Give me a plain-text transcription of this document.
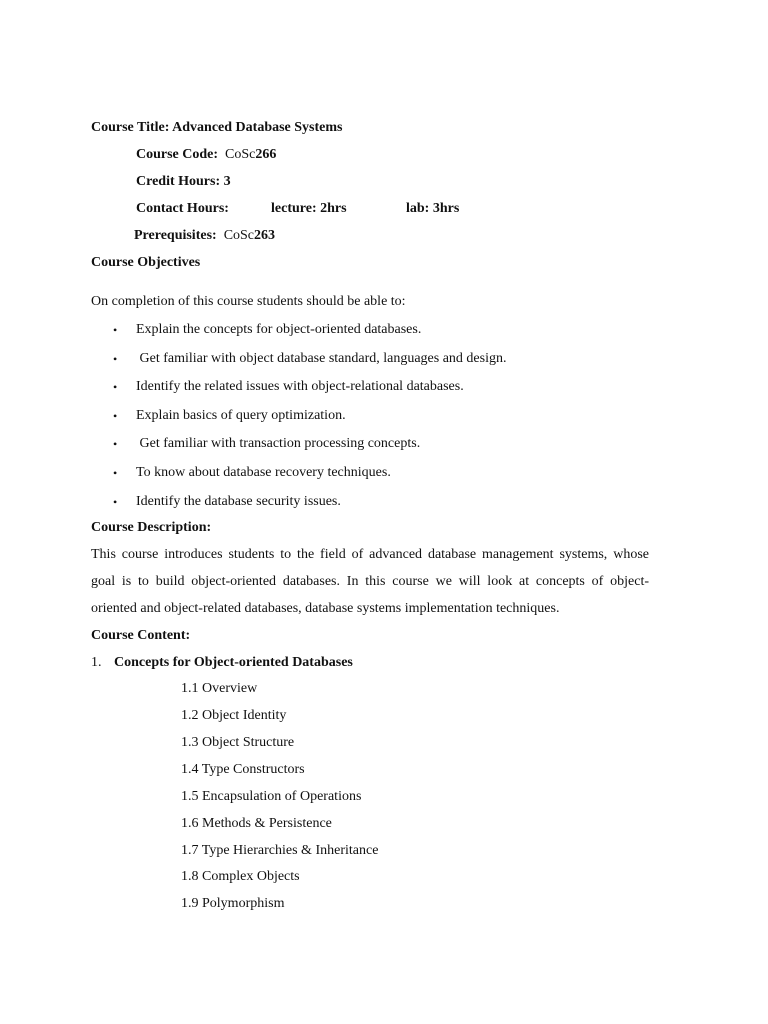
Course Title: Advanced Database Systems
Course Code: CoSc266
Credit Hours: 3
Contact Hours:	lecture: 2hrs	lab: 3hrs
Prerequisites: CoSc263
Course Objectives
On completion of this course students should be able to:
• Explain the concepts for object-oriented databases.
• Get familiar with object database standard, languages and design.
• Identify the related issues with object-relational databases.
• Explain basics of query optimization.
• Get familiar with transaction processing concepts.
• To know about database recovery techniques.
• Identify the database security issues.
Course Description:
This course introduces students to the field of advanced database management systems, whose
goal is to build object-oriented databases. In this course we will look at concepts of object-
oriented and object-related databases, database systems implementation techniques.
Course Content:
1. Concepts for Object-oriented Databases
1.1 Overview
1.2 Object Identity
1.3 Object Structure
1.4 Type Constructors
1.5 Encapsulation of Operations
1.6 Methods & Persistence
1.7 Type Hierarchies & Inheritance
1.8 Complex Objects
1.9 Polymorphism
